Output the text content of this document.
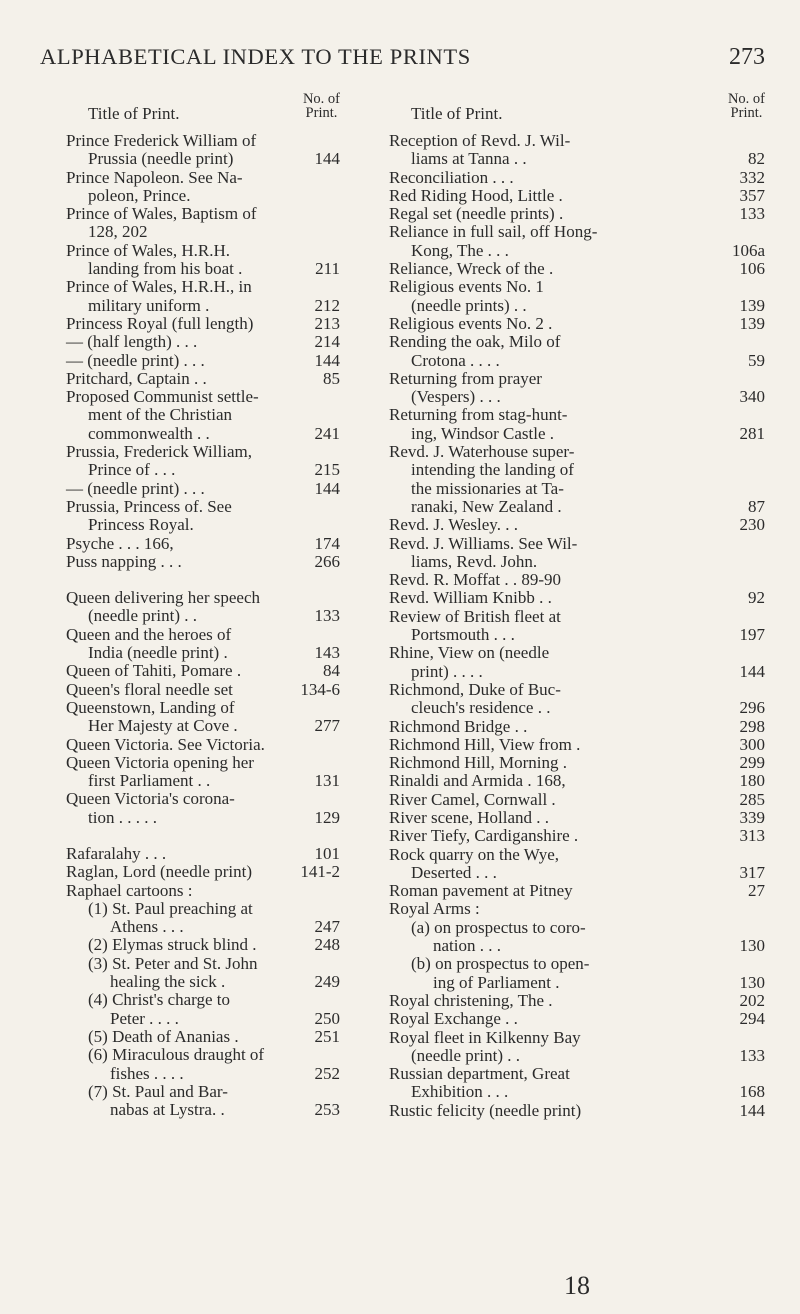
ALPHABETICAL INDEX TO THE PRINTS	273
Title of Print.
No. of
Print.
Prince Frederick William of
Prussia (needle print)	144
Prince Napoleon. See Na-
poleon, Prince.
Prince of Wales, Baptism of
128, 202
Prince of Wales, H.R.H.
landing from his boat .	211
Prince of Wales, H.R.H., in
military uniform .	212
Princess Royal (full length)	213
— (half length) . . .	214
— (needle print) . . .	144
Pritchard, Captain . .	85
Proposed Communist settle-
ment of the Christian
commonwealth . .	241
Prussia, Frederick William,
Prince of . . .	215
— (needle print) . . .	144
Prussia, Princess of. See
Princess Royal.
Psyche . . . 166,	174
Puss napping . . .	266
Queen delivering her speech
(needle print) . .	133
Queen and the heroes of
India (needle print) .	143
Queen of Tahiti, Pomare .	84
Queen's floral needle set	134-6
Queenstown, Landing of
Her Majesty at Cove .	277
Queen Victoria. See Victoria.
Queen Victoria opening her
first Parliament . .	131
Queen Victoria's corona-
tion . . . . .	129
Rafaralahy . . .	101
Raglan, Lord (needle print)	141-2
Raphael cartoons :
(1) St. Paul preaching at
Athens . . .	247
(2) Elymas struck blind .	248
(3) St. Peter and St. John
healing the sick .	249
(4) Christ's charge to
Peter . . . .	250
(5) Death of Ananias .	251
(6) Miraculous draught of
fishes . . . .	252
(7) St. Paul and Bar-
nabas at Lystra. .	253
Title of Print.
No. of
Print.
Reception of Revd. J. Wil-
liams at Tanna . .	82
Reconciliation . . .	332
Red Riding Hood, Little .	357
Regal set (needle prints) .	133
Reliance in full sail, off Hong-
Kong, The . . .	106a
Reliance, Wreck of the .	106
Religious events No. 1
(needle prints) . .	139
Religious events No. 2 .	139
Rending the oak, Milo of
Crotona . . . .	59
Returning from prayer
(Vespers) . . .	340
Returning from stag-hunt-
ing, Windsor Castle .	281
Revd. J. Waterhouse super-
intending the landing of
the missionaries at Ta-
ranaki, New Zealand .	87
Revd. J. Wesley. . .	230
Revd. J. Williams. See Wil-
liams, Revd. John.
Revd. R. Moffat . . 89-90
Revd. William Knibb . .	92
Review of British fleet at
Portsmouth . . .	197
Rhine, View on (needle
print) . . . .	144
Richmond, Duke of Buc-
cleuch's residence . .	296
Richmond Bridge . .	298
Richmond Hill, View from .	300
Richmond Hill, Morning .	299
Rinaldi and Armida . 168,	180
River Camel, Cornwall .	285
River scene, Holland . .	339
River Tiefy, Cardiganshire .	313
Rock quarry on the Wye,
Deserted . . .	317
Roman pavement at Pitney	27
Royal Arms :
(a) on prospectus to coro-
nation . . .	130
(b) on prospectus to open-
ing of Parliament .	130
Royal christening, The .	202
Royal Exchange . .	294
Royal fleet in Kilkenny Bay
(needle print) . .	133
Russian department, Great
Exhibition . . .	168
Rustic felicity (needle print)	144
18
